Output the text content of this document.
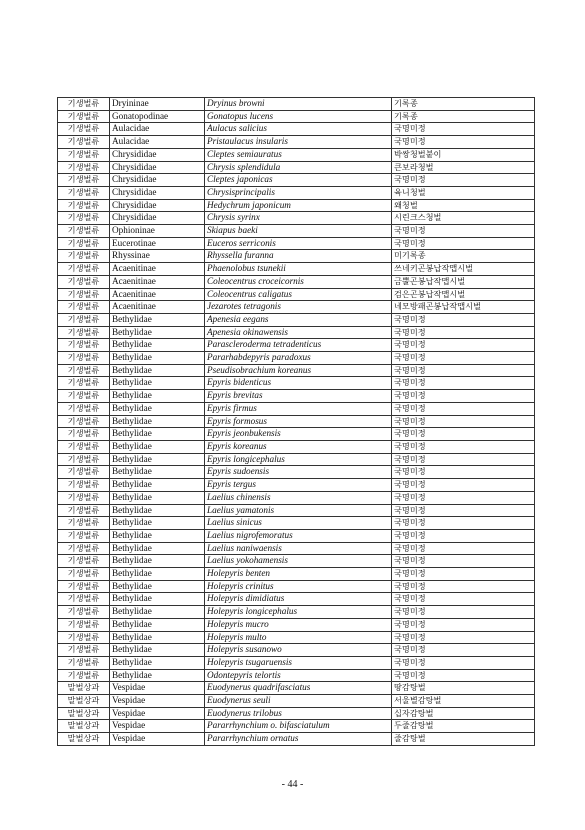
기생벌류	Dryininae	Dryinus browni	기록종
기생벌류	Gonatopodinae	Gonatopus lucens	기록종
기생벌류	Aulacidae	Aulacus salicius	국명미정
기생벌류	Aulacidae	Pristaulacus insularis	국명미정
기생벌류	Chrysididae	Cleptes semiauratus	박쌍청벌붙이
기생벌류	Chrysididae	Chrysis splendidula	큰보라청벌
기생벌류	Chrysididae	Cleptes japonicas	국명미정
기생벌류	Chrysididae	Chrysisprincipalis	육니청벌
기생벌류	Chrysididae	Hedychrum japonicum	왜청벌
기생벌류	Chrysididae	Chrysis syrinx	시린크스청벌
기생벌류	Ophioninae	Skiapus baeki	국명미정
기생벌류	Eucerotinae	Euceros serriconis	국명미정
기생벌류	Rhyssinae	Rhyssella furanna	미기록종
기생벌류	Acaenitinae	Phaenolobus tsunekii	쓰네키곤봉납작맵시벌
기생벌류	Acaenitinae	Coleocentrus croceicornis	금뿔곤봉납작맵시벌
기생벌류	Acaenitinae	Coleocentrus caligatus	검은곤봉납작맵시벌
기생벌류	Acaenitinae	Jezarotes tetragonis	네모방패곤봉납작맵시벌
기생벌류	Bethylidae	Apenesia eegans	국명미정
기생벌류	Bethylidae	Apenesia okinawensis	국명미정
기생벌류	Bethylidae	Parascleroderma tetradenticus	국명미정
기생벌류	Bethylidae	Pararhabdepyris paradoxus	국명미정
기생벌류	Bethylidae	Pseudisobrachium koreanus	국명미정
기생벌류	Bethylidae	Epyris bidenticus	국명미정
기생벌류	Bethylidae	Epyris brevitas	국명미정
기생벌류	Bethylidae	Epyris firmus	국명미정
기생벌류	Bethylidae	Epyris formosus	국명미정
기생벌류	Bethylidae	Epyris jeonbukensis	국명미정
기생벌류	Bethylidae	Epyris koreanus	국명미정
기생벌류	Bethylidae	Epyris longicephalus	국명미정
기생벌류	Bethylidae	Epyris sudoensis	국명미정
기생벌류	Bethylidae	Epyris tergus	국명미정
기생벌류	Bethylidae	Laelius chinensis	국명미정
기생벌류	Bethylidae	Laelius yamatonis	국명미정
기생벌류	Bethylidae	Laelius sinicus	국명미정
기생벌류	Bethylidae	Laelius nigrofemoratus	국명미정
기생벌류	Bethylidae	Laelius naniwaensis	국명미정
기생벌류	Bethylidae	Laelius yokohamensis	국명미정
기생벌류	Bethylidae	Holepyris benten	국명미정
기생벌류	Bethylidae	Holepyris crinitus	국명미정
기생벌류	Bethylidae	Holepyris dimidiatus	국명미정
기생벌류	Bethylidae	Holepyris longicephalus	국명미정
기생벌류	Bethylidae	Holepyris mucro	국명미정
기생벌류	Bethylidae	Holepyris multo	국명미정
기생벌류	Bethylidae	Holepyris susanowo	국명미정
기생벌류	Bethylidae	Holepyris tsugaruensis	국명미정
기생벌류	Bethylidae	Odontepyris telortis	국명미정
말벌상과	Vespidae	Euodynerus quadrifasciatus	땅감탕벌
말벌상과	Vespidae	Euodynerus seuli	서울별감탕벌
말벌상과	Vespidae	Euodynerus trilobus	십자감탕벌
말벌상과	Vespidae	Pararrhynchium o. bifasciatulum	두줄감탕벌
말벌상과	Vespidae	Pararrhynchium ornatus	줄감탕벌
- 44 -
